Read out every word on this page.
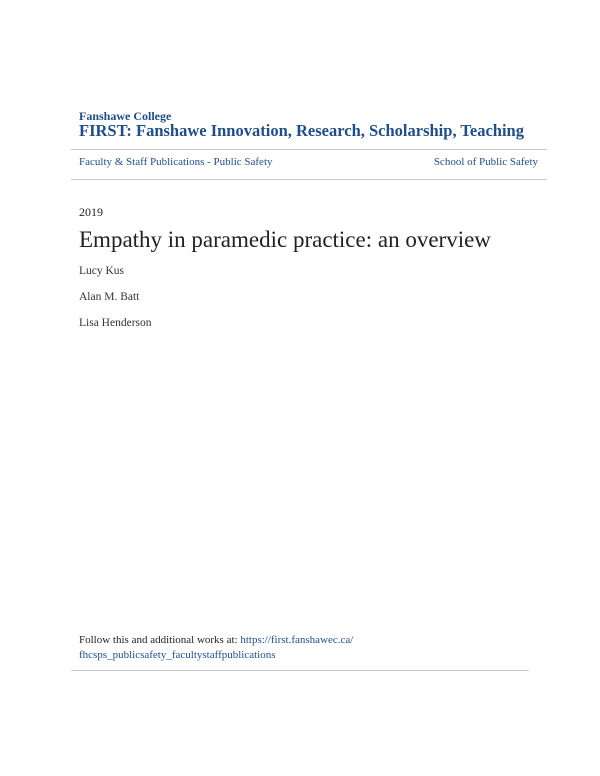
Fanshawe College
FIRST: Fanshawe Innovation, Research, Scholarship, Teaching
Faculty & Staff Publications - Public Safety	School of Public Safety
2019
Empathy in paramedic practice: an overview
Lucy Kus
Alan M. Batt
Lisa Henderson
Follow this and additional works at: https://first.fanshawec.ca/
fhcsps_publicsafety_facultystaffpublications
